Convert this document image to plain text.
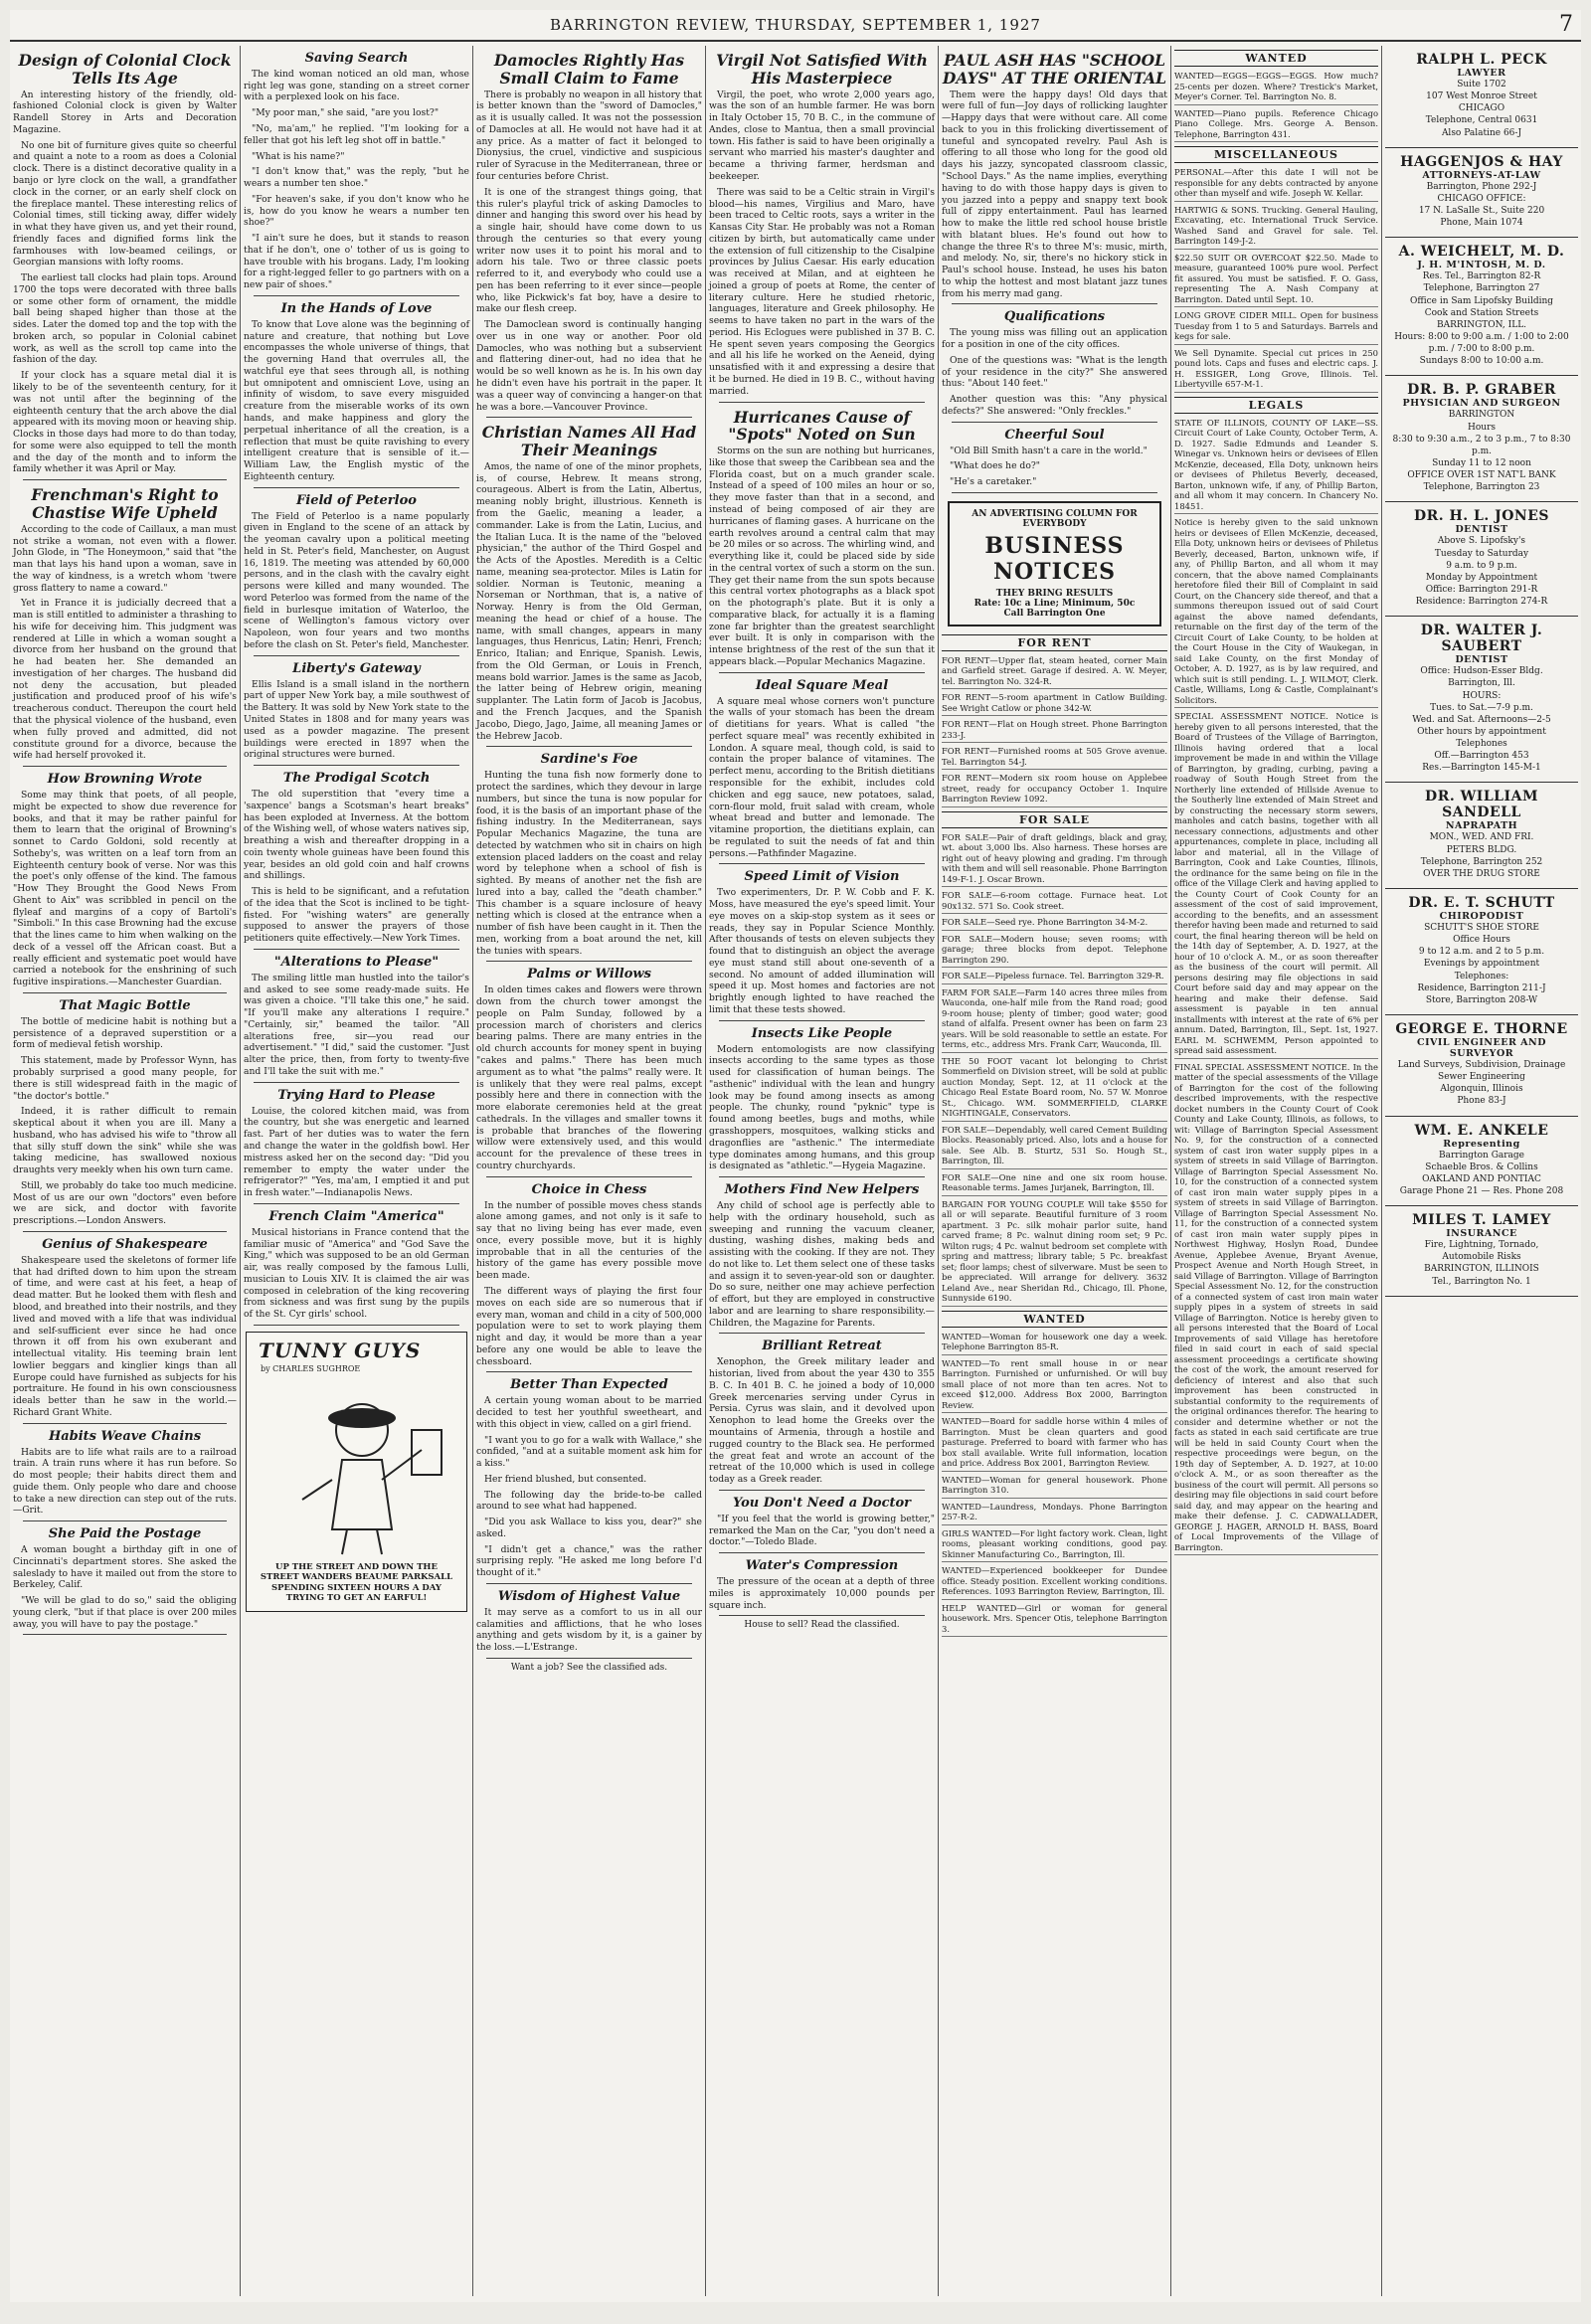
BARRINGTON REVIEW, THURSDAY, SEPTEMBER 1, 1927	7
Design of Colonial Clock Tells Its Age

An interesting history of the friendly, old-fashioned Colonial clock is given by Walter Randell Storey in Arts and Decoration Magazine.

No one bit of furniture gives quite so cheerful and quaint a note to a room as does a Colonial clock. There is a distinct decorative quality in a banjo or lyre clock on the wall, a grandfather clock in the corner, or an early shelf clock on the fireplace mantel. These interesting relics of Colonial times, still ticking away, differ widely in what they have given us, and yet their round, friendly faces and dignified forms link the farmhouses with low-beamed ceilings, or Georgian mansions with lofty rooms.

The earliest tall clocks had plain tops. Around 1700 the tops were decorated with three balls or some other form of ornament, the middle ball being shaped higher than those at the sides. Later the domed top and the top with the broken arch, so popular in Colonial cabinet work, as well as the scroll top came into the fashion of the day.

If your clock has a square metal dial it is likely to be of the seventeenth century, for it was not until after the beginning of the eighteenth century that the arch above the dial appeared with its moving moon or heaving ship. Clocks in those days had more to do than today, for some were also equipped to tell the month and the day of the month and to inform the family whether it was April or May.

Frenchman's Right to Chastise Wife Upheld

According to the code of Caillaux, a man must not strike a woman, not even with a flower. John Glode, in "The Honeymoon," said that "the man that lays his hand upon a woman, save in the way of kindness, is a wretch whom 'twere gross flattery to name a coward."

Yet in France it is judicially decreed that a man is still entitled to administer a thrashing to his wife for deceiving him. This judgment was rendered at Lille in which a woman sought a divorce from her husband on the ground that he had beaten her. She demanded an investigation of her charges. The husband did not deny the accusation, but pleaded justification and produced proof of his wife's treacherous conduct. Thereupon the court held that the physical violence of the husband, even when fully proved and admitted, did not constitute ground for a divorce, because the wife had herself provoked it.

How Browning Wrote

Some may think that poets, of all people, might be expected to show due reverence for books, and that it may be rather painful for them to learn that the original of Browning's sonnet to Cardo Goldoni, sold recently at Sotheby's, was written on a leaf torn from an Eighteenth century book of verse. Nor was this the poet's only offense of the kind. The famous "How They Brought the Good News From Ghent to Aix" was scribbled in pencil on the flyleaf and margins of a copy of Bartoli's "Simboli." In this case Browning had the excuse that the lines came to him when walking on the deck of a vessel off the African coast. But a really efficient and systematic poet would have carried a notebook for the enshrining of such fugitive inspirations.—Manchester Guardian.

That Magic Bottle

The bottle of medicine habit is nothing but a persistence of a depraved superstition or a form of medieval fetish worship.

This statement, made by Professor Wynn, has probably surprised a good many people, for there is still widespread faith in the magic of "the doctor's bottle."

Indeed, it is rather difficult to remain skeptical about it when you are ill. Many a husband, who has advised his wife to "throw all that silly stuff down the sink" while she was taking medicine, has swallowed noxious draughts very meekly when his own turn came.

Still, we probably do take too much medicine. Most of us are our own "doctors" even before we are sick, and doctor with favorite prescriptions.—London Answers.

Genius of Shakespeare

Shakespeare used the skeletons of former life that had drifted down to him upon the stream of time, and were cast at his feet, a heap of dead matter. But he looked them with flesh and blood, and breathed into their nostrils, and they lived and moved with a life that was individual and self-sufficient ever since he had once thrown it off from his own exuberant and intellectual vitality. His teeming brain lent lowlier beggars and kinglier kings than all Europe could have furnished as subjects for his portraiture. He found in his own consciousness ideals better than he saw in the world.—Richard Grant White.

Habits Weave Chains

Habits are to life what rails are to a railroad train. A train runs where it has run before. So do most people; their habits direct them and guide them. Only people who dare and choose to take a new direction can step out of the ruts.—Grit.

She Paid the Postage

A woman bought a birthday gift in one of Cincinnati's department stores. She asked the saleslady to have it mailed out from the store to Berkeley, Calif.

"We will be glad to do so," said the obliging young clerk, "but if that place is over 200 miles away, you will have to pay the postage."

Saving Search

The kind woman noticed an old man, whose right leg was gone, standing on a street corner with a perplexed look on his face.

"My poor man," she said, "are you lost?"

"No, ma'am," he replied. "I'm looking for a feller that got his left leg shot off in battle."

"What is his name?"

"I don't know that," was the reply, "but he wears a number ten shoe."

"For heaven's sake, if you don't know who he is, how do you know he wears a number ten shoe?"

"I ain't sure he does, but it stands to reason that if he don't, one o' tother of us is going to have trouble with his brogans. Lady, I'm looking for a right-legged feller to go partners with on a new pair of shoes."

In the Hands of Love

To know that Love alone was the beginning of nature and creature, that nothing but Love encompasses the whole universe of things, that the governing Hand that overrules all, the watchful eye that sees through all, is nothing but omnipotent and omniscient Love, using an infinity of wisdom, to save every misguided creature from the miserable works of its own hands, and make happiness and glory the perpetual inheritance of all the creation, is a reflection that must be quite ravishing to every intelligent creature that is sensible of it.—William Law, the English mystic of the Eighteenth century.

Field of Peterloo

The Field of Peterloo is a name popularly given in England to the scene of an attack by the yeoman cavalry upon a political meeting held in St. Peter's field, Manchester, on August 16, 1819. The meeting was attended by 60,000 persons, and in the clash with the cavalry eight persons were killed and many wounded. The word Peterloo was formed from the name of the field in burlesque imitation of Waterloo, the scene of Wellington's famous victory over Napoleon, won four years and two months before the clash on St. Peter's field, Manchester.

Liberty's Gateway

Ellis Island is a small island in the northern part of upper New York bay, a mile southwest of the Battery. It was sold by New York state to the United States in 1808 and for many years was used as a powder magazine. The present buildings were erected in 1897 when the original structures were burned.

The Prodigal Scotch

The old superstition that "every time a 'saxpence' bangs a Scotsman's heart breaks" has been exploded at Inverness. At the bottom of the Wishing well, of whose waters natives sip, breathing a wish and thereafter dropping in a coin twenty whole guineas have been found this year, besides an old gold coin and half crowns and shillings.

This is held to be significant, and a refutation of the idea that the Scot is inclined to be tight-fisted. For "wishing waters" are generally supposed to answer the prayers of those petitioners quite effectively.—New York Times.

"Alterations to Please"

The smiling little man hustled into the tailor's and asked to see some ready-made suits. He was given a choice. "I'll take this one," he said. "If you'll make any alterations I require." "Certainly, sir," beamed the tailor. "All alterations free, sir—you read our advertisement." "I did," said the customer. "Just alter the price, then, from forty to twenty-five and I'll take the suit with me."

Trying Hard to Please

Louise, the colored kitchen maid, was from the country, but she was energetic and learned fast. Part of her duties was to water the fern and change the water in the goldfish bowl. Her mistress asked her on the second day: "Did you remember to empty the water under the refrigerator?" "Yes, ma'am, I emptied it and put in fresh water."—Indianapolis News.

French Claim "America"

Musical historians in France contend that the familiar music of "America" and "God Save the King," which was supposed to be an old German air, was really composed by the famous Lulli, musician to Louis XIV. It is claimed the air was composed in celebration of the king recovering from sickness and was first sung by the pupils of the St. Cyr girls' school.

TUNNY GUYS
by CHARLES SUGHROE
UP THE STREET AND DOWN THE STREET WANDERS BEAUME PARKSALL SPENDING SIXTEEN HOURS A DAY TRYING TO GET AN EARFUL!
Damocles Rightly Has Small Claim to Fame

There is probably no weapon in all history that is better known than the "sword of Damocles," as it is usually called. It was not the possession of Damocles at all. He would not have had it at any price. As a matter of fact it belonged to Dionysius, the cruel, vindictive and suspicious ruler of Syracuse in the Mediterranean, three or four centuries before Christ.

It is one of the strangest things going, that this ruler's playful trick of asking Damocles to dinner and hanging this sword over his head by a single hair, should have come down to us through the centuries so that every young writer now uses it to point his moral and to adorn his tale. Two or three classic poets referred to it, and everybody who could use a pen has been referring to it ever since—people who, like Pickwick's fat boy, have a desire to make our flesh creep.

The Damoclean sword is continually hanging over us in one way or another. Poor old Damocles, who was nothing but a subservient and flattering diner-out, had no idea that he would be so well known as he is. In his own day he didn't even have his portrait in the paper. It was a queer way of convincing a hanger-on that he was a bore.—Vancouver Province.

Christian Names All Had Their Meanings

Amos, the name of one of the minor prophets, is, of course, Hebrew. It means strong, courageous. Albert is from the Latin, Albertus, meaning nobly bright, illustrious. Kenneth is from the Gaelic, meaning a leader, a commander. Lake is from the Latin, Lucius, and the Italian Luca. It is the name of the "beloved physician," the author of the Third Gospel and the Acts of the Apostles. Meredith is a Celtic name, meaning sea-protector. Miles is Latin for soldier. Norman is Teutonic, meaning a Norseman or Northman, that is, a native of Norway. Henry is from the Old German, meaning the head or chief of a house. The name, with small changes, appears in many languages, thus Henricus, Latin; Henri, French; Enrico, Italian; and Enrique, Spanish. Lewis, from the Old German, or Louis in French, means bold warrior. James is the same as Jacob, the latter being of Hebrew origin, meaning supplanter. The Latin form of Jacob is Jacobus, and the French Jacques, and the Spanish Jacobo, Diego, Jago, Jaime, all meaning James or the Hebrew Jacob.

Sardine's Foe

Hunting the tuna fish now formerly done to protect the sardines, which they devour in large numbers, but since the tuna is now popular for food, it is the basis of an important phase of the fishing industry. In the Mediterranean, says Popular Mechanics Magazine, the tuna are detected by watchmen who sit in chairs on high extension placed ladders on the coast and relay word by telephone when a school of fish is sighted. By means of another net the fish are lured into a bay, called the "death chamber." This chamber is a square inclosure of heavy netting which is closed at the entrance when a number of fish have been caught in it. Then the men, working from a boat around the net, kill the tunies with spears.

Palms or Willows

In olden times cakes and flowers were thrown down from the church tower amongst the people on Palm Sunday, followed by a procession march of choristers and clerics bearing palms. There are many entries in the old church accounts for money spent in buying "cakes and palms." There has been much argument as to what "the palms" really were. It is unlikely that they were real palms, except possibly here and there in connection with the more elaborate ceremonies held at the great cathedrals. In the villages and smaller towns it is probable that branches of the flowering willow were extensively used, and this would account for the prevalence of these trees in country churchyards.

Choice in Chess

In the number of possible moves chess stands alone among games, and not only is it safe to say that no living being has ever made, even once, every possible move, but it is highly improbable that in all the centuries of the history of the game has every possible move been made.

The different ways of playing the first four moves on each side are so numerous that if every man, woman and child in a city of 500,000 population were to set to work playing them night and day, it would be more than a year before any one would be able to leave the chessboard.

Better Than Expected

A certain young woman about to be married decided to test her youthful sweetheart, and with this object in view, called on a girl friend.

"I want you to go for a walk with Wallace," she confided, "and at a suitable moment ask him for a kiss."

Her friend blushed, but consented.

The following day the bride-to-be called around to see what had happened.

"Did you ask Wallace to kiss you, dear?" she asked.

"I didn't get a chance," was the rather surprising reply. "He asked me long before I'd thought of it."

Wisdom of Highest Value

It may serve as a comfort to us in all our calamities and afflictions, that he who loses anything and gets wisdom by it, is a gainer by the loss.—L'Estrange.

Want a job? See the classified ads.
Virgil Not Satisfied With His Masterpiece

Virgil, the poet, who wrote 2,000 years ago, was the son of an humble farmer. He was born in Italy October 15, 70 B. C., in the commune of Andes, close to Mantua, then a small provincial town. His father is said to have been originally a servant who married his master's daughter and became a thriving farmer, herdsman and beekeeper.

There was said to be a Celtic strain in Virgil's blood—his names, Virgilius and Maro, have been traced to Celtic roots, says a writer in the Kansas City Star. He probably was not a Roman citizen by birth, but automatically came under the extension of full citizenship to the Cisalpine provinces by Julius Caesar. His early education was received at Milan, and at eighteen he joined a group of poets at Rome, the center of literary culture. Here he studied rhetoric, languages, literature and Greek philosophy. He seems to have taken no part in the wars of the period. His Eclogues were published in 37 B. C. He spent seven years composing the Georgics and all his life he worked on the Aeneid, dying unsatisfied with it and expressing a desire that it be burned. He died in 19 B. C., without having married.

Hurricanes Cause of "Spots" Noted on Sun

Storms on the sun are nothing but hurricanes, like those that sweep the Caribbean sea and the Florida coast, but on a much grander scale. Instead of a speed of 100 miles an hour or so, they move faster than that in a second, and instead of being composed of air they are hurricanes of flaming gases. A hurricane on the earth revolves around a central calm that may be 20 miles or so across. The whirling wind, and everything like it, could be placed side by side in the central vortex of such a storm on the sun. They get their name from the sun spots because this central vortex photographs as a black spot on the photograph's plate. But it is only a comparative black, for actually it is a flaming zone far brighter than the greatest searchlight ever built. It is only in comparison with the intense brightness of the rest of the sun that it appears black.—Popular Mechanics Magazine.

Ideal Square Meal

A square meal whose corners won't puncture the walls of your stomach has been the dream of dietitians for years. What is called "the perfect square meal" was recently exhibited in London. A square meal, though cold, is said to contain the proper balance of vitamines. The perfect menu, according to the British dietitians responsible for the exhibit, includes cold chicken and egg sauce, new potatoes, salad, corn-flour mold, fruit salad with cream, whole wheat bread and butter and lemonade. The vitamine proportion, the dietitians explain, can be regulated to suit the needs of fat and thin persons.—Pathfinder Magazine.

Speed Limit of Vision

Two experimenters, Dr. P. W. Cobb and F. K. Moss, have measured the eye's speed limit. Your eye moves on a skip-stop system as it sees or reads, they say in Popular Science Monthly. After thousands of tests on eleven subjects they found that to distinguish an object the average eye must stand still about one-seventh of a second. No amount of added illumination will speed it up. Most homes and factories are not brightly enough lighted to have reached the limit that these tests showed.

Insects Like People

Modern entomologists are now classifying insects according to the same types as those used for classification of human beings. The "asthenic" individual with the lean and hungry look may be found among insects as among people. The chunky, round "pyknic" type is found among beetles, bugs and moths, while grasshoppers, mosquitoes, walking sticks and dragonflies are "asthenic." The intermediate type dominates among humans, and this group is designated as "athletic."—Hygeia Magazine.

Mothers Find New Helpers

Any child of school age is perfectly able to help with the ordinary household, such as sweeping and running the vacuum cleaner, dusting, washing dishes, making beds and assisting with the cooking. If they are not. They do not like to. Let them select one of these tasks and assign it to seven-year-old son or daughter. Do so sure, neither one may achieve perfection of effort, but they are employed in constructive labor and are learning to share responsibility.—Children, the Magazine for Parents.

Brilliant Retreat

Xenophon, the Greek military leader and historian, lived from about the year 430 to 355 B. C. In 401 B. C. he joined a body of 10,000 Greek mercenaries serving under Cyrus in Persia. Cyrus was slain, and it devolved upon Xenophon to lead home the Greeks over the mountains of Armenia, through a hostile and rugged country to the Black sea. He performed the great feat and wrote an account of the retreat of the 10,000 which is used in college today as a Greek reader.

You Don't Need a Doctor

"If you feel that the world is growing better," remarked the Man on the Car, "you don't need a doctor."—Toledo Blade.

Water's Compression

The pressure of the ocean at a depth of three miles is approximately 10,000 pounds per square inch.

House to sell? Read the classified.
PAUL ASH HAS "SCHOOL DAYS" AT THE ORIENTAL

Them were the happy days! Old days that were full of fun—Joy days of rollicking laughter—Happy days that were without care. All come back to you in this frolicking divertissement of tuneful and syncopated revelry. Paul Ash is offering to all those who long for the good old days his jazzy, syncopated classroom classic, "School Days." As the name implies, everything having to do with those happy days is given to you jazzed into a peppy and snappy text book full of zippy entertainment. Paul has learned how to make the little red school house bristle with blatant blues. He's found out how to change the three R's to three M's: music, mirth, and melody. No, sir, there's no hickory stick in Paul's school house. Instead, he uses his baton to whip the hottest and most blatant jazz tunes from his merry mad gang.

Qualifications

The young miss was filling out an application for a position in one of the city offices.

One of the questions was: "What is the length of your residence in the city?" She answered thus: "About 140 feet."

Another question was this: "Any physical defects?" She answered: "Only freckles."

Cheerful Soul

"Old Bill Smith hasn't a care in the world."

"What does he do?"

"He's a caretaker."

AN ADVERTISING COLUMN FOR EVERYBODY
BUSINESS NOTICES
THEY BRING RESULTS
Rate: 10c a Line; Minimum, 50c
Call Barrington One
FOR RENT
FOR RENT—Upper flat, steam heated, corner Main and Garfield street. Garage if desired. A. W. Meyer, tel. Barrington No. 324-R.
FOR RENT—5-room apartment in Catlow Building. See Wright Catlow or phone 342-W.
FOR RENT—Flat on Hough street. Phone Barrington 233-J.
FOR RENT—Furnished rooms at 505 Grove avenue. Tel. Barrington 54-J.
FOR RENT—Modern six room house on Applebee street, ready for occupancy October 1. Inquire Barrington Review 1092.
FOR SALE
FOR SALE—Pair of draft geldings, black and gray, wt. about 3,000 lbs. Also harness. These horses are right out of heavy plowing and grading. I'm through with them and will sell reasonable. Phone Barrington 149-F-1. J. Oscar Brown.
FOR SALE—6-room cottage. Furnace heat. Lot 90x132. 571 So. Cook street.
FOR SALE—Seed rye. Phone Barrington 34-M-2.
FOR SALE—Modern house; seven rooms; with garage; three blocks from depot. Telephone Barrington 290.
FOR SALE—Pipeless furnace. Tel. Barrington 329-R.
FARM FOR SALE—Farm 140 acres three miles from Wauconda, one-half mile from the Rand road; good 9-room house; plenty of timber; good water; good stand of alfalfa. Present owner has been on farm 23 years. Will be sold reasonable to settle an estate. For terms, etc., address Mrs. Frank Carr, Wauconda, Ill.
THE 50 FOOT vacant lot belonging to Christ Sommerfield on Division street, will be sold at public auction Monday, Sept. 12, at 11 o'clock at the Chicago Real Estate Board room, No. 57 W. Monroe St., Chicago. WM. SOMMERFIELD, CLARKE NIGHTINGALE, Conservators.
FOR SALE—Dependably, well cared Cement Building Blocks. Reasonably priced. Also, lots and a house for sale. See Alb. B. Sturtz, 531 So. Hough St., Barrington, Ill.
FOR SALE—One nine and one six room house. Reasonable terms. James Jurjanek, Barrington, Ill.
BARGAIN FOR YOUNG COUPLE Will take $550 for all or will separate. Beautiful furniture of 3 room apartment. 3 Pc. silk mohair parlor suite, hand carved frame; 8 Pc. walnut dining room set; 9 Pc. Wilton rugs; 4 Pc. walnut bedroom set complete with spring and mattress; library table; 5 Pc. breakfast set; floor lamps; chest of silverware. Must be seen to be appreciated. Will arrange for delivery. 3632 Leland Ave., near Sheridan Rd., Chicago, Ill. Phone, Sunnyside 6190.
WANTED
WANTED—Woman for housework one day a week. Telephone Barrington 85-R.
WANTED—To rent small house in or near Barrington. Furnished or unfurnished. Or will buy small place of not more than ten acres. Not to exceed $12,000. Address Box 2000, Barrington Review.
WANTED—Board for saddle horse within 4 miles of Barrington. Must be clean quarters and good pasturage. Preferred to board with farmer who has box stall available. Write full information, location and price. Address Box 2001, Barrington Review.
WANTED—Woman for general housework. Phone Barrington 310.
WANTED—Laundress, Mondays. Phone Barrington 257-R-2.
GIRLS WANTED—For light factory work. Clean, light rooms, pleasant working conditions, good pay. Skinner Manufacturing Co., Barrington, Ill.
WANTED—Experienced bookkeeper for Dundee office. Steady position. Excellent working conditions. References. 1093 Barrington Review, Barrington, Ill.
HELP WANTED—Girl or woman for general housework. Mrs. Spencer Otis, telephone Barrington 3.
WANTED
WANTED—EGGS—EGGS—EGGS. How much? 25-cents per dozen. Where? Trestick's Market, Meyer's Corner. Tel. Barrington No. 8.
WANTED—Piano pupils. Reference Chicago Piano College. Mrs. George A. Benson. Telephone, Barrington 431.
MISCELLANEOUS
PERSONAL—After this date I will not be responsible for any debts contracted by anyone other than myself and wife. Joseph W. Kellar.
HARTWIG & SONS. Trucking. General Hauling, Excavating, etc. International Truck Service. Washed Sand and Gravel for sale. Tel. Barrington 149-J-2.
$22.50 SUIT OR OVERCOAT $22.50. Made to measure, guaranteed 100% pure wool. Perfect fit assured. You must be satisfied. F. O. Gass, representing The A. Nash Company at Barrington. Dated until Sept. 10.
LONG GROVE CIDER MILL. Open for business Tuesday from 1 to 5 and Saturdays. Barrels and kegs for sale.
We Sell Dynamite. Special cut prices in 250 pound lots. Caps and fuses and electric caps. J. H. ESSIGER, Long Grove, Illinois. Tel. Libertyville 657-M-1.
LEGALS
STATE OF ILLINOIS, COUNTY OF LAKE—SS. Circuit Court of Lake County, October Term, A. D. 1927. Sadie Edmunds and Leander S. Winegar vs. Unknown heirs or devisees of Ellen McKenzie, deceased, Ella Doty, unknown heirs or devisees of Philetus Beverly, deceased, Barton, unknown wife, if any, of Phillip Barton, and all whom it may concern. In Chancery No. 18451.
Notice is hereby given to the said unknown heirs or devisees of Ellen McKenzie, deceased, Ella Doty, unknown heirs or devisees of Philetus Beverly, deceased, Barton, unknown wife, if any, of Phillip Barton, and all whom it may concern, that the above named Complainants heretofore filed their Bill of Complaint in said Court, on the Chancery side thereof, and that a summons thereupon issued out of said Court against the above named defendants, returnable on the first day of the term of the Circuit Court of Lake County, to be holden at the Court House in the City of Waukegan, in said Lake County, on the first Monday of October, A. D. 1927, as is by law required, and which suit is still pending. L. J. WILMOT, Clerk. Castle, Williams, Long & Castle, Complainant's Solicitors.
SPECIAL ASSESSMENT NOTICE. Notice is hereby given to all persons interested, that the Board of Trustees of the Village of Barrington, Illinois having ordered that a local improvement be made in and within the Village of Barrington, by grading, curbing, paving a roadway of South Hough Street from the Northerly line extended of Hillside Avenue to the Southerly line extended of Main Street and by constructing the necessary storm sewers, manholes and catch basins, together with all necessary connections, adjustments and other appurtenances, complete in place, including all labor and material, all in the Village of Barrington, Cook and Lake Counties, Illinois, the ordinance for the same being on file in the office of the Village Clerk and having applied to the County Court of Cook County for an assessment of the cost of said improvement, according to the benefits, and an assessment therefor having been made and returned to said court, the final hearing thereon will be held on the 14th day of September, A. D. 1927, at the hour of 10 o'clock A. M., or as soon thereafter as the business of the court will permit. All persons desiring may file objections in said Court before said day and may appear on the hearing and make their defense. Said assessment is payable in ten annual installments with interest at the rate of 6% per annum. Dated, Barrington, Ill., Sept. 1st, 1927. EARL M. SCHWEMM, Person appointed to spread said assessment.
FINAL SPECIAL ASSESSMENT NOTICE. In the matter of the special assessments of the Village of Barrington for the cost of the following described improvements, with the respective docket numbers in the County Court of Cook County and Lake County, Illinois, as follows, to wit: Village of Barrington Special Assessment No. 9, for the construction of a connected system of cast iron water supply pipes in a system of streets in said Village of Barrington. Village of Barrington Special Assessment No. 10, for the construction of a connected system of cast iron main water supply pipes in a system of streets in said Village of Barrington. Village of Barrington Special Assessment No. 11, for the construction of a connected system of cast iron main water supply pipes in Northwest Highway, Hoslyn Road, Dundee Avenue, Applebee Avenue, Bryant Avenue, Prospect Avenue and North Hough Street, in said Village of Barrington. Village of Barrington Special Assessment No. 12, for the construction of a connected system of cast iron main water supply pipes in a system of streets in said Village of Barrington. Notice is hereby given to all persons interested that the Board of Local Improvements of said Village has heretofore filed in said court in each of said special assessment proceedings a certificate showing the cost of the work, the amount reserved for deficiency of interest and also that such improvement has been constructed in substantial conformity to the requirements of the original ordinances therefor. The hearing to consider and determine whether or not the facts as stated in each said certificate are true will be held in said County Court when the respective proceedings were begun, on the 19th day of September, A. D. 1927, at 10:00 o'clock A. M., or as soon thereafter as the business of the court will permit. All persons so desiring may file objections in said court before said day, and may appear on the hearing and make their defense. J. C. CADWALLADER, GEORGE J. HAGER, ARNOLD H. BASS, Board of Local Improvements of the Village of Barrington.
RALPH L. PECK
LAWYER
Suite 1702
107 West Monroe Street
CHICAGO
Telephone, Central 0631
Also Palatine 66-J
HAGGENJOS & HAY
ATTORNEYS-AT-LAW
Barrington, Phone 292-J
CHICAGO OFFICE:
17 N. LaSalle St., Suite 220
Phone, Main 1074
A. WEICHELT, M. D.
J. H. M'INTOSH, M. D.
Res. Tel., Barrington 82-R
Telephone, Barrington 27
Office in Sam Lipofsky Building
Cook and Station Streets
BARRINGTON, ILL.
Hours: 8:00 to 9:00 a.m. / 1:00 to 2:00 p.m. / 7:00 to 8:00 p.m.
Sundays 8:00 to 10:00 a.m.
DR. B. P. GRABER
PHYSICIAN AND SURGEON
BARRINGTON
Hours
8:30 to 9:30 a.m., 2 to 3 p.m., 7 to 8:30 p.m.
Sunday 11 to 12 noon
OFFICE OVER 1ST NAT'L BANK
Telephone, Barrington 23
DR. H. L. JONES
DENTIST
Above S. Lipofsky's
Tuesday to Saturday
9 a.m. to 9 p.m.
Monday by Appointment
Office: Barrington 291-R
Residence: Barrington 274-R
DR. WALTER J. SAUBERT
DENTIST
Office: Hudson-Esser Bldg.
Barrington, Ill.
HOURS:
Tues. to Sat.—7-9 p.m.
Wed. and Sat. Afternoons—2-5
Other hours by appointment
Telephones
Off.—Barrington 453
Res.—Barrington 145-M-1
DR. WILLIAM SANDELL
NAPRAPATH
MON., WED. AND FRI.
PETERS BLDG.
Telephone, Barrington 252
OVER THE DRUG STORE
DR. E. T. SCHUTT
CHIROPODIST
SCHUTT'S SHOE STORE
Office Hours
9 to 12 a.m. and 2 to 5 p.m.
Evenings by appointment
Telephones:
Residence, Barrington 211-J
Store, Barrington 208-W
GEORGE E. THORNE
CIVIL ENGINEER AND SURVEYOR
Land Surveys, Subdivision, Drainage
Sewer Engineering
Algonquin, Illinois
Phone 83-J
WM. E. ANKELE
Representing
Barrington Garage
Schaeble Bros. & Collins
OAKLAND AND PONTIAC
Garage Phone 21 — Res. Phone 208
MILES T. LAMEY
INSURANCE
Fire, Lightning, Tornado,
Automobile Risks
BARRINGTON, ILLINOIS
Tel., Barrington No. 1
